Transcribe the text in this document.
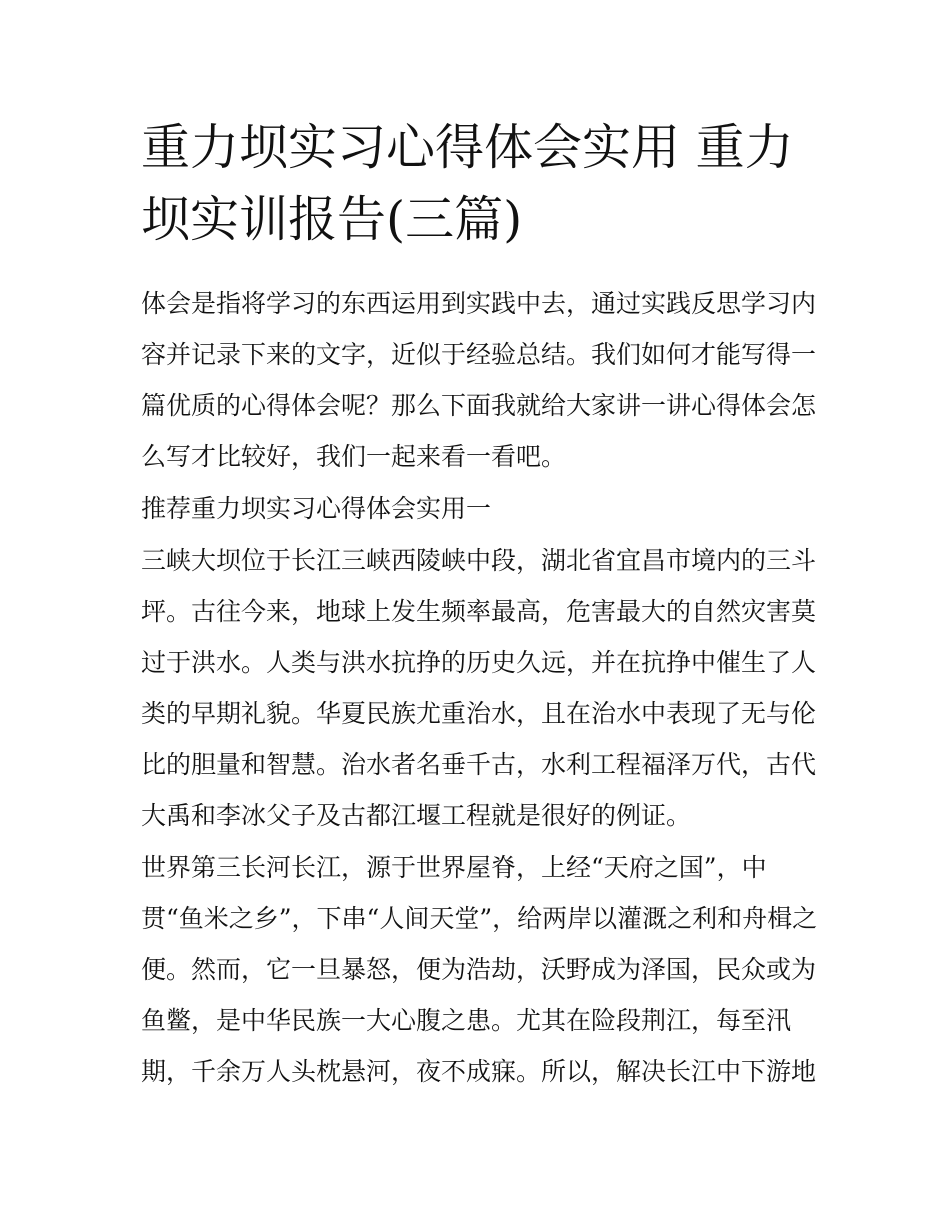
重力坝实习心得体会实用 重力
坝实训报告(三篇)

体会是指将学习的东西运用到实践中去，通过实践反思学习内
容并记录下来的文字，近似于经验总结。我们如何才能写得一
篇优质的心得体会呢？那么下面我就给大家讲一讲心得体会怎
么写才比较好，我们一起来看一看吧。

推荐重力坝实习心得体会实用一

三峡大坝位于长江三峡西陵峡中段，湖北省宜昌市境内的三斗
坪。古往今来，地球上发生频率最高，危害最大的自然灾害莫
过于洪水。人类与洪水抗挣的历史久远，并在抗挣中催生了人
类的早期礼貌。华夏民族尤重治水，且在治水中表现了无与伦
比的胆量和智慧。治水者名垂千古，水利工程福泽万代，古代
大禹和李冰父子及古都江堰工程就是很好的例证。

世界第三长河长江，源于世界屋脊，上经“天府之国”，中
贯“鱼米之乡”，下串“人间天堂”，给两岸以灌溉之利和舟楫之
便。然而，它一旦暴怒，便为浩劫，沃野成为泽国，民众或为
鱼鳖，是中华民族一大心腹之患。尤其在险段荆江，每至汛
期，千余万人头枕悬河，夜不成寐。所以，解决长江中下游地
